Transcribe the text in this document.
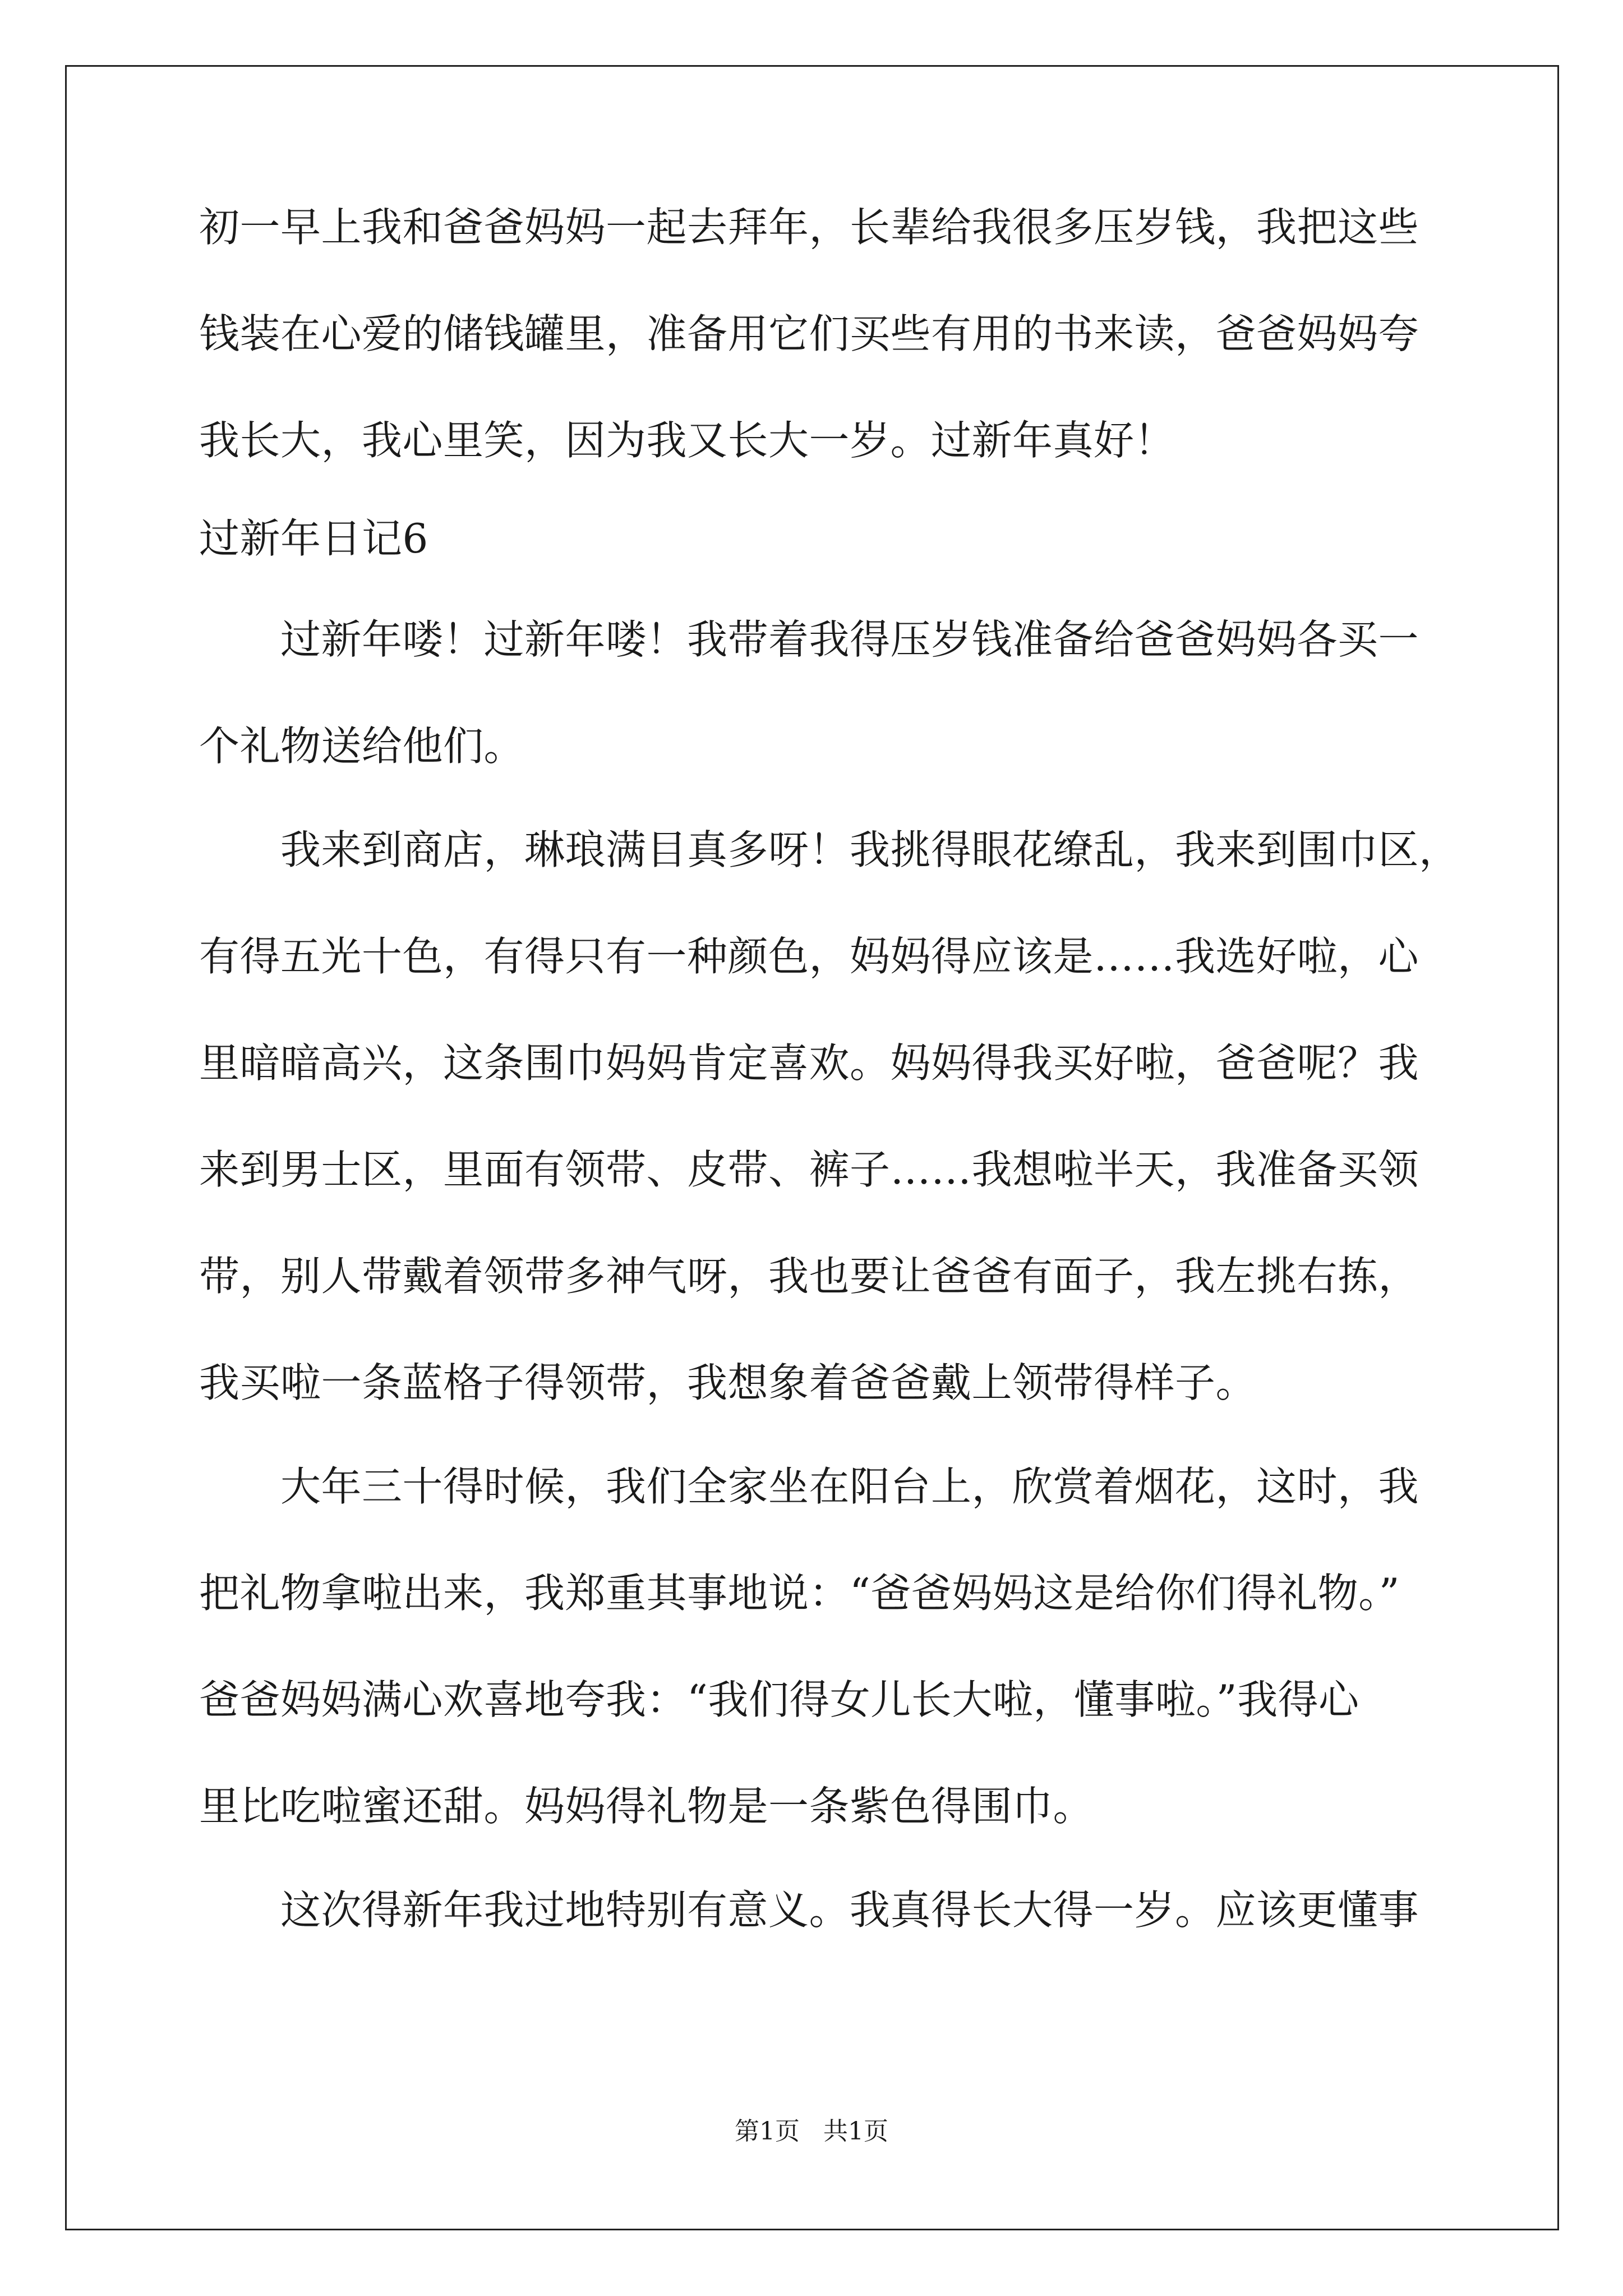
初一早上我和爸爸妈妈一起去拜年，长辈给我很多压岁钱，我把这些
钱装在心爱的储钱罐里，准备用它们买些有用的书来读，爸爸妈妈夸
我长大，我心里笑，因为我又长大一岁。过新年真好！
过新年日记6
过新年喽！过新年喽！我带着我得压岁钱准备给爸爸妈妈各买一
个礼物送给他们。
我来到商店，琳琅满目真多呀！我挑得眼花缭乱，我来到围巾区，
有得五光十色，有得只有一种颜色，妈妈得应该是……我选好啦，心
里暗暗高兴，这条围巾妈妈肯定喜欢。妈妈得我买好啦，爸爸呢？我
来到男士区，里面有领带、皮带、裤子……我想啦半天，我准备买领
带，别人带戴着领带多神气呀，我也要让爸爸有面子，我左挑右拣，
我买啦一条蓝格子得领带，我想象着爸爸戴上领带得样子。
大年三十得时候，我们全家坐在阳台上，欣赏着烟花，这时，我
把礼物拿啦出来，我郑重其事地说：“爸爸妈妈这是给你们得礼物。”
爸爸妈妈满心欢喜地夸我：“我们得女儿长大啦，懂事啦。”我得心
里比吃啦蜜还甜。妈妈得礼物是一条紫色得围巾。
这次得新年我过地特别有意义。我真得长大得一岁。应该更懂事
第1页   共1页
